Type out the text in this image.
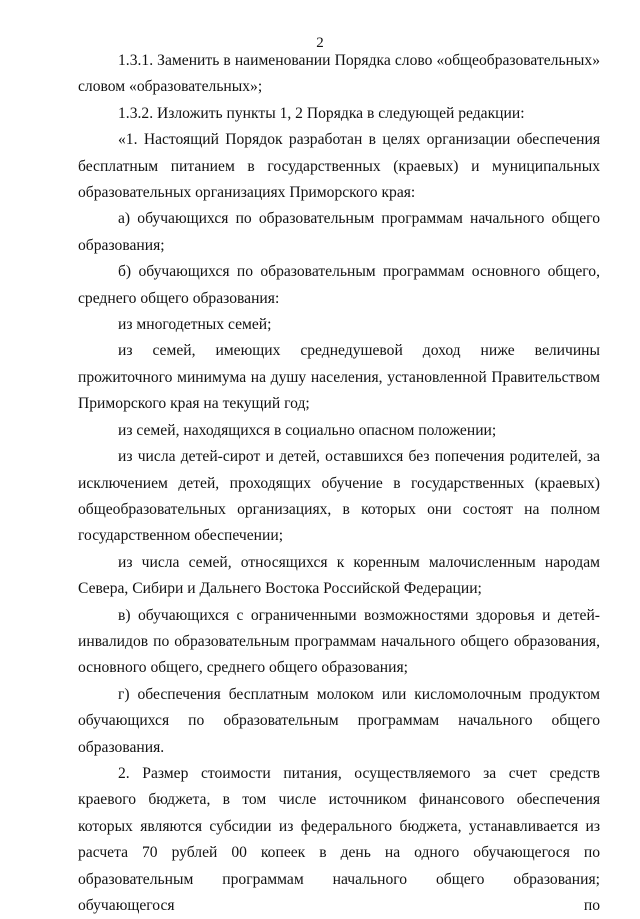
2

1.3.1. Заменить в наименовании Порядка слово «общеобразовательных» словом «образовательных»;

1.3.2. Изложить пункты 1, 2 Порядка в следующей редакции:

«1. Настоящий Порядок разработан в целях организации обеспечения бесплатным питанием в государственных (краевых) и муниципальных образовательных организациях Приморского края:

а) обучающихся по образовательным программам начального общего образования;

б) обучающихся по образовательным программам основного общего, среднего общего образования:

из многодетных семей;

из семей, имеющих среднедушевой доход ниже величины прожиточного минимума на душу населения, установленной Правительством Приморского края на текущий год;

из семей, находящихся в социально опасном положении;

из числа детей-сирот и детей, оставшихся без попечения родителей, за исключением детей, проходящих обучение в государственных (краевых) общеобразовательных организациях, в которых они состоят на полном государственном обеспечении;

из числа семей, относящихся к коренным малочисленным народам Севера, Сибири и Дальнего Востока Российской Федерации;

в) обучающихся с ограниченными возможностями здоровья и детей-инвалидов по образовательным программам начального общего образования, основного общего, среднего общего образования;

г) обеспечения бесплатным молоком или кисломолочным продуктом обучающихся по образовательным программам начального общего образования.

2. Размер стоимости питания, осуществляемого за счет средств краевого бюджета, в том числе источником финансового обеспечения которых являются субсидии из федерального бюджета, устанавливается из расчета 70 рублей 00 копеек в день на одного обучающегося по образовательным программам начального общего образования; обучающегося по
